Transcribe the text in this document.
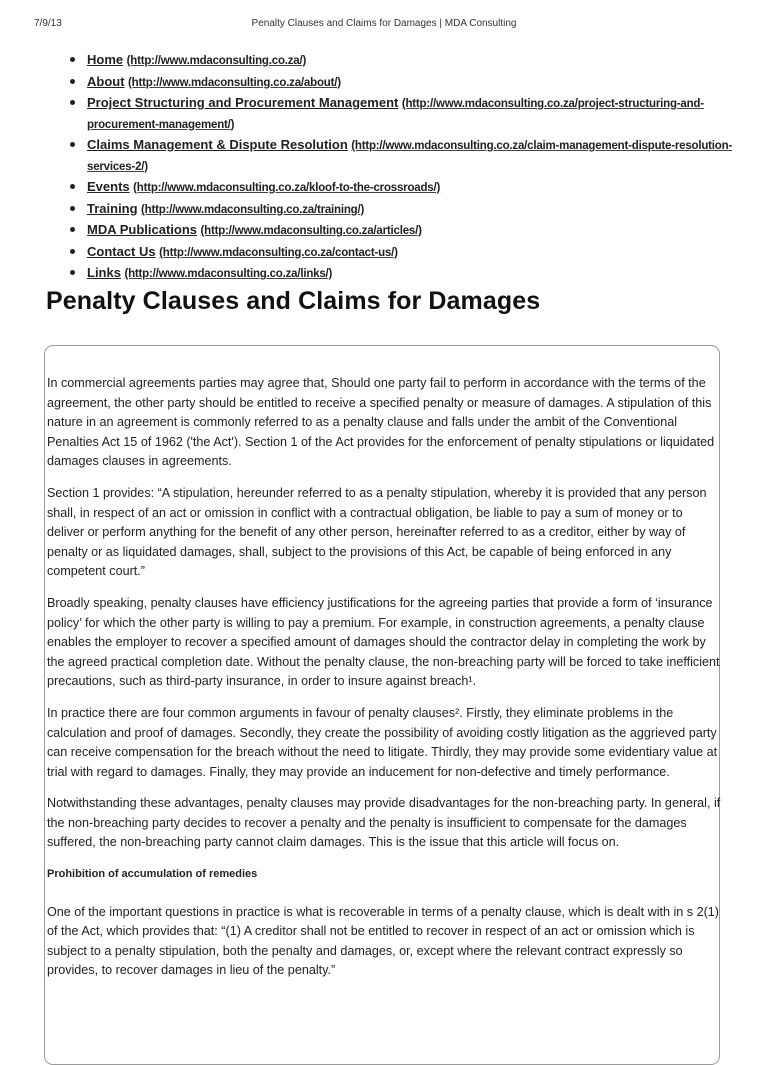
7/9/13	Penalty Clauses and Claims for Damages | MDA Consulting
Home (http://www.mdaconsulting.co.za/)
About (http://www.mdaconsulting.co.za/about/)
Project Structuring and Procurement Management (http://www.mdaconsulting.co.za/project-structuring-and-procurement-management/)
Claims Management & Dispute Resolution (http://www.mdaconsulting.co.za/claim-management-dispute-resolution-services-2/)
Events (http://www.mdaconsulting.co.za/kloof-to-the-crossroads/)
Training (http://www.mdaconsulting.co.za/training/)
MDA Publications (http://www.mdaconsulting.co.za/articles/)
Contact Us (http://www.mdaconsulting.co.za/contact-us/)
Links (http://www.mdaconsulting.co.za/links/)
Penalty Clauses and Claims for Damages

In commercial agreements parties may agree that, Should one party fail to perform in accordance with the terms of the agreement, the other party should be entitled to receive a specified penalty or measure of damages. A stipulation of this nature in an agreement is commonly referred to as a penalty clause and falls under the ambit of the Conventional Penalties Act 15 of 1962 ('the Act'). Section 1 of the Act provides for the enforcement of penalty stipulations or liquidated damages clauses in agreements.

Section 1 provides: “A stipulation, hereunder referred to as a penalty stipulation, whereby it is provided that any person shall, in respect of an act or omission in conflict with a contractual obligation, be liable to pay a sum of money or to deliver or perform anything for the benefit of any other person, hereinafter referred to as a creditor, either by way of penalty or as liquidated damages, shall, subject to the provisions of this Act, be capable of being enforced in any competent court.”

Broadly speaking, penalty clauses have efficiency justifications for the agreeing parties that provide a form of ‘insurance policy’ for which the other party is willing to pay a premium. For example, in construction agreements, a penalty clause enables the employer to recover a specified amount of damages should the contractor delay in completing the work by the agreed practical completion date. Without the penalty clause, the non-breaching party will be forced to take inefficient precautions, such as third-party insurance, in order to insure against breach¹.

In practice there are four common arguments in favour of penalty clauses². Firstly, they eliminate problems in the calculation and proof of damages. Secondly, they create the possibility of avoiding costly litigation as the aggrieved party can receive compensation for the breach without the need to litigate. Thirdly, they may provide some evidentiary value at trial with regard to damages. Finally, they may provide an inducement for non-defective and timely performance.

Notwithstanding these advantages, penalty clauses may provide disadvantages for the non-breaching party. In general, if the non-breaching party decides to recover a penalty and the penalty is insufficient to compensate for the damages suffered, the non-breaching party cannot claim damages. This is the issue that this article will focus on.

Prohibition of accumulation of remedies

One of the important questions in practice is what is recoverable in terms of a penalty clause, which is dealt with in s 2(1) of the Act, which provides that: “(1) A creditor shall not be entitled to recover in respect of an act or omission which is subject to a penalty stipulation, both the penalty and damages, or, except where the relevant contract expressly so provides, to recover damages in lieu of the penalty.”
